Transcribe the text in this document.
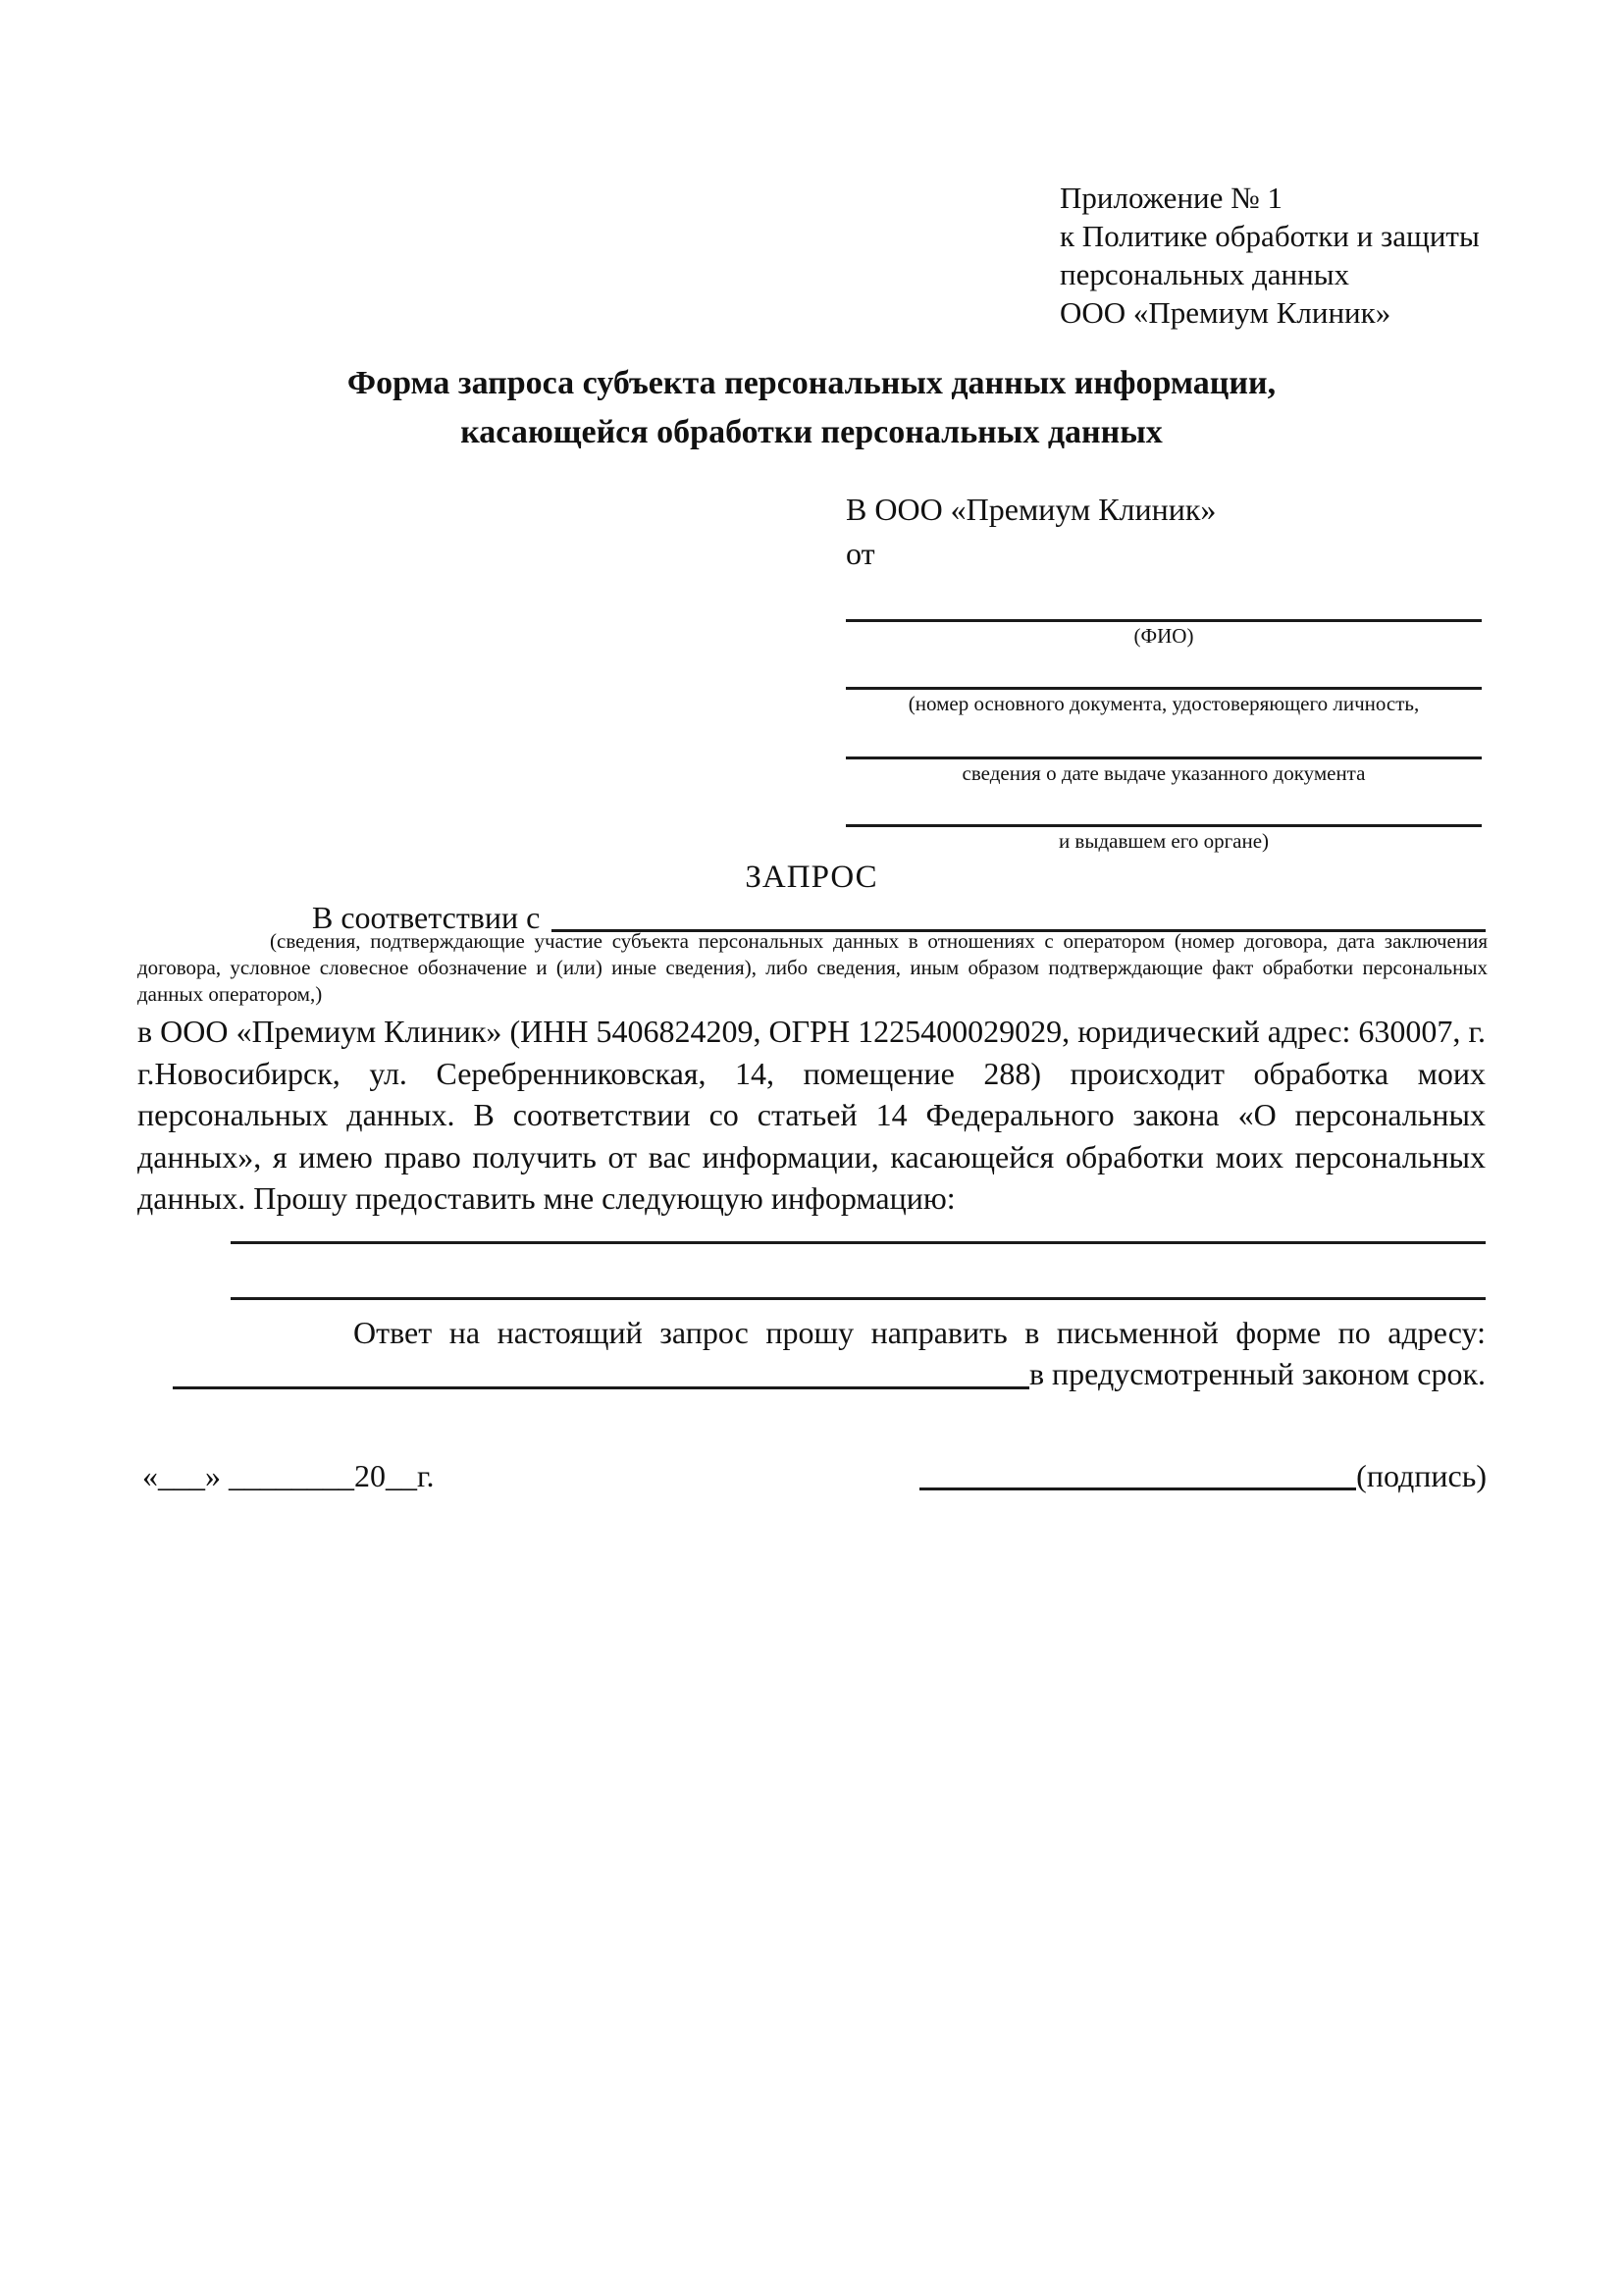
Приложение № 1
к Политике обработки и защиты
персональных данных
ООО «Премиум Клиник»
Форма запроса субъекта персональных данных информации,
касающейся обработки персональных данных
В ООО «Премиум Клиник»
от
(ФИО)
(номер основного документа, удостоверяющего личность,
сведения о дате выдаче указанного документа
и выдавшем его органе)
ЗАПРОС
В соответствии с
(сведения, подтверждающие участие субъекта персональных данных в отношениях с оператором (номер договора, дата заключения договора, условное словесное обозначение и (или) иные сведения), либо сведения, иным образом подтверждающие факт обработки персональных данных оператором,)
в ООО «Премиум Клиник» (ИНН 5406824209, ОГРН 1225400029029, юридический адрес: 630007, г. г.Новосибирск, ул. Серебренниковская, 14, помещение 288) происходит обработка моих персональных данных. В соответствии со статьей 14 Федерального закона «О персональных данных», я имею право получить от вас информации, касающейся обработки моих персональных данных. Прошу предоставить мне следующую информацию:
Ответ на настоящий запрос прошу направить в письменной форме по адресу:
в предусмотренный законом срок.
«___» ________20__г.	(подпись)
